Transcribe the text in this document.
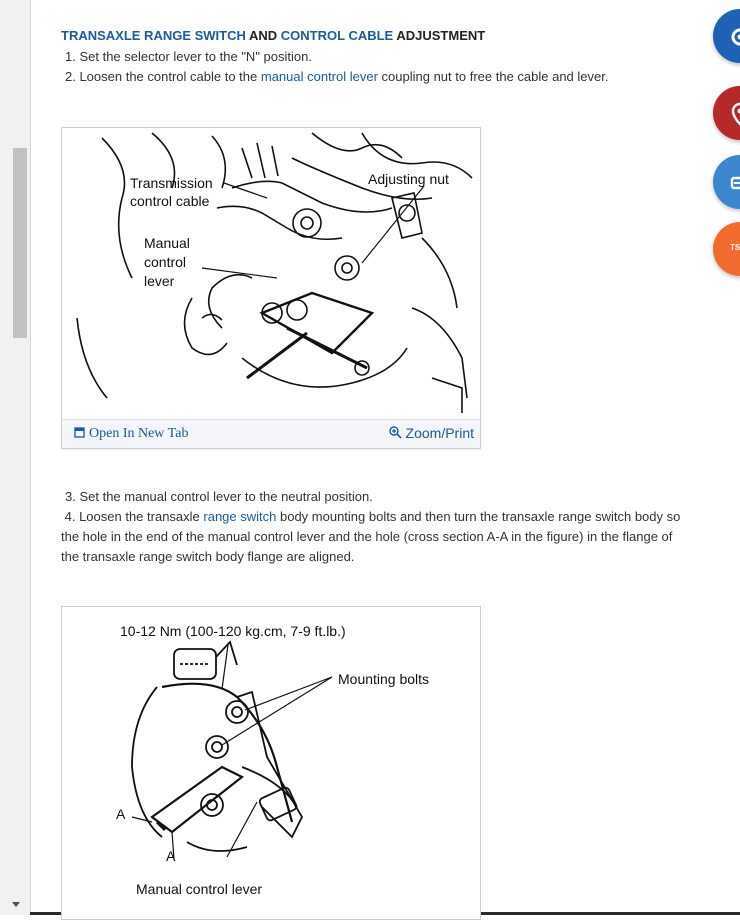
TRANSAXLE RANGE SWITCH AND CONTROL CABLE ADJUSTMENT

1. Set the selector lever to the "N" position.

2. Loosen the control cable to the manual control lever coupling nut to free the cable and lever.

Transmission
control cable
Adjusting nut
Manual
control
lever
Open In New Tab	Zoom/Print

3. Set the manual control lever to the neutral position.

4. Loosen the transaxle range switch body mounting bolts and then turn the transaxle range switch body so the hole in the end of the manual control lever and the hole (cross section A-A in the figure) in the flange of the transaxle range switch body flange are aligned.

10-12 Nm (100-120 kg.cm, 7-9 ft.lb.)
Mounting bolts
A
A
Manual control lever
TS
